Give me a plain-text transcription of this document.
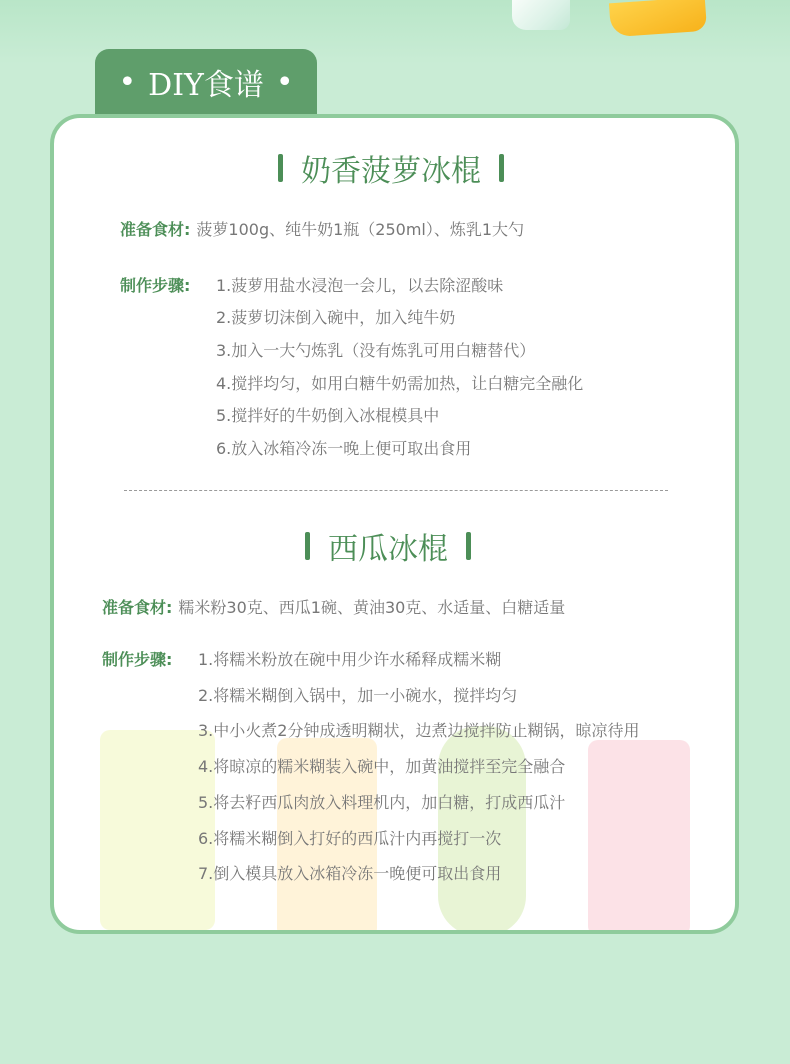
• DIY食谱 •
奶香菠萝冰棍
准备食材: 菠萝100g、纯牛奶1瓶（250ml）、炼乳1大勺
制作步骤: 1.菠萝用盐水浸泡一会儿，以去除涩酸味
2.菠萝切沫倒入碗中，加入纯牛奶
3.加入一大勺炼乳（没有炼乳可用白糖替代）
4.搅拌均匀，如用白糖牛奶需加热，让白糖完全融化
5.搅拌好的牛奶倒入冰棍模具中
6.放入冰箱冷冻一晚上便可取出食用
西瓜冰棍
准备食材: 糯米粉30克、西瓜1碗、黄油30克、水适量、白糖适量
制作步骤: 1.将糯米粉放在碗中用少许水稀释成糯米糊
2.将糯米糊倒入锅中，加一小碗水，搅拌均匀
3.中小火煮2分钟成透明糊状，边煮边搅拌防止糊锅，晾凉待用
4.将晾凉的糯米糊装入碗中，加黄油搅拌至完全融合
5.将去籽西瓜肉放入料理机内，加白糖，打成西瓜汁
6.将糯米糊倒入打好的西瓜汁内再搅打一次
7.倒入模具放入冰箱冷冻一晚便可取出食用
